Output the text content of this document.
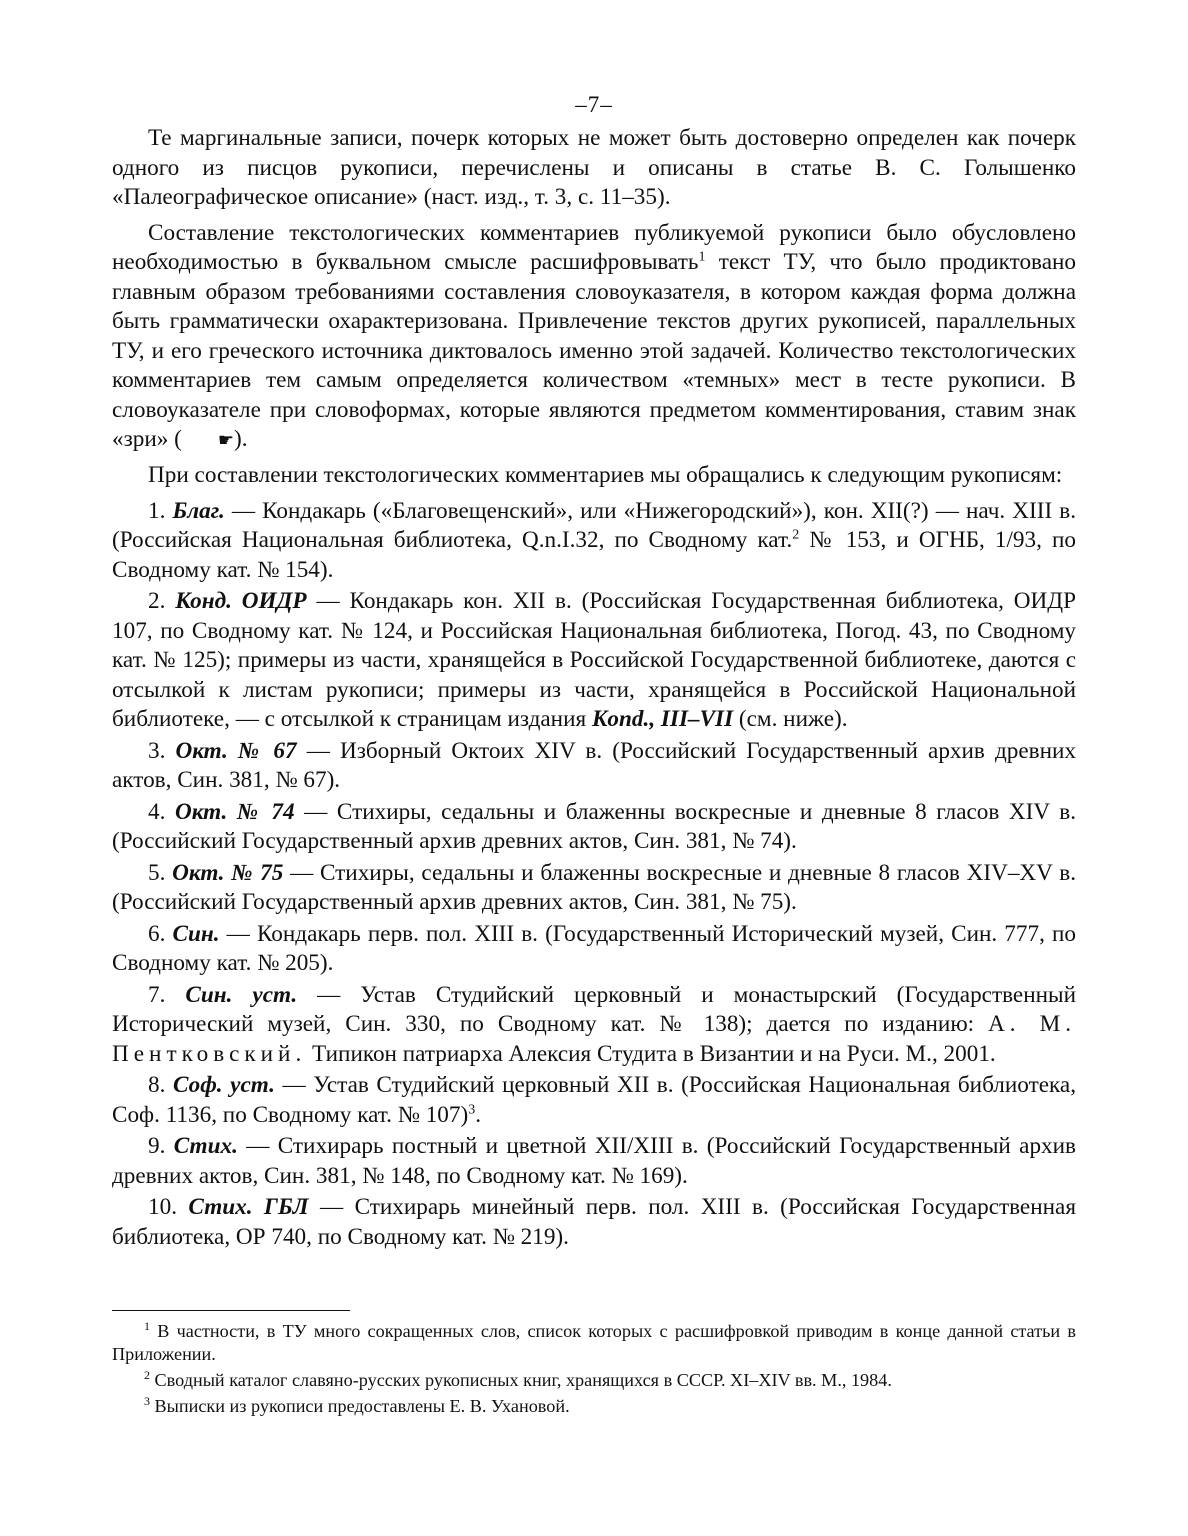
–7–

Те маргинальные записи, почерк которых не может быть достоверно определен как почерк одного из писцов рукописи, перечислены и описаны в статье В. С. Голышенко «Палеографическое описание» (наст. изд., т. 3, с. 11–35).

Составление текстологических комментариев публикуемой рукописи было обусловлено необходимостью в буквальном смысле расшифровывать$^1$ текст ТУ, что было продиктовано главным образом требованиями составления словоуказателя, в котором каждая форма должна быть грамматически охарактеризована. Привлечение текстов других рукописей, параллельных ТУ, и его греческого источника диктовалось именно этой задачей. Количество текстологических комментариев тем самым определяется количеством «темных» мест в тесте рукописи. В словоуказателе при словоформах, которые являются предметом комментирования, ставим знак «зри» ( ☛).

При составлении текстологических комментариев мы обращались к следующим рукописям:

1. Благ. — Кондакарь («Благовещенский», или «Нижегородский»), кон. XII(?) — нач. XIII в. (Российская Национальная библиотека, Q.n.I.32, по Сводному кат.$^2$ № 153, и ОГНБ, 1/93, по Сводному кат. № 154).

2. Конд. ОИДР — Кондакарь кон. XII в. (Российская Государственная библиотека, ОИДР 107, по Сводному кат. № 124, и Российская Национальная библиотека, Погод. 43, по Сводному кат. № 125); примеры из части, хранящейся в Российской Государственной библиотеке, даются с отсылкой к листам рукописи; примеры из части, хранящейся в Российской Национальной библиотеке, — с отсылкой к страницам издания Kond., III–VII (см. ниже).

3. Окт. № 67 — Изборный Октоих XIV в. (Российский Государственный архив древних актов, Син. 381, № 67).

4. Окт. № 74 — Стихиры, седальны и блаженны воскресные и дневные 8 гласов XIV в. (Российский Государственный архив древних актов, Син. 381, № 74).

5. Окт. № 75 — Стихиры, седальны и блаженны воскресные и дневные 8 гласов XIV–XV в. (Российский Государственный архив древних актов, Син. 381, № 75).

6. Син. — Кондакарь перв. пол. XIII в. (Государственный Исторический музей, Син. 777, по Сводному кат. № 205).

7. Син. уст. — Устав Студийский церковный и монастырский (Государственный Исторический музей, Син. 330, по Сводному кат. № 138); дается по изданию: А. М. Пентковский. Типикон патриарха Алексия Студита в Византии и на Руси. М., 2001.

8. Соф. уст. — Устав Студийский церковный XII в. (Российская Национальная библиотека, Соф. 1136, по Сводному кат. № 107)$^3$.

9. Стих. — Стихирарь постный и цветной XII/XIII в. (Российский Государственный архив древних актов, Син. 381, № 148, по Сводному кат. № 169).

10. Стих. ГБЛ — Стихирарь минейный перв. пол. XIII в. (Российская Государственная библиотека, ОР 740, по Сводному кат. № 219).

$^1$ В частности, в ТУ много сокращенных слов, список которых с расшифровкой приводим в конце данной статьи в Приложении.

$^2$ Сводный каталог славяно-русских рукописных книг, хранящихся в СССР. XI–XIV вв. М., 1984.

$^3$ Выписки из рукописи предоставлены Е. В. Ухановой.
